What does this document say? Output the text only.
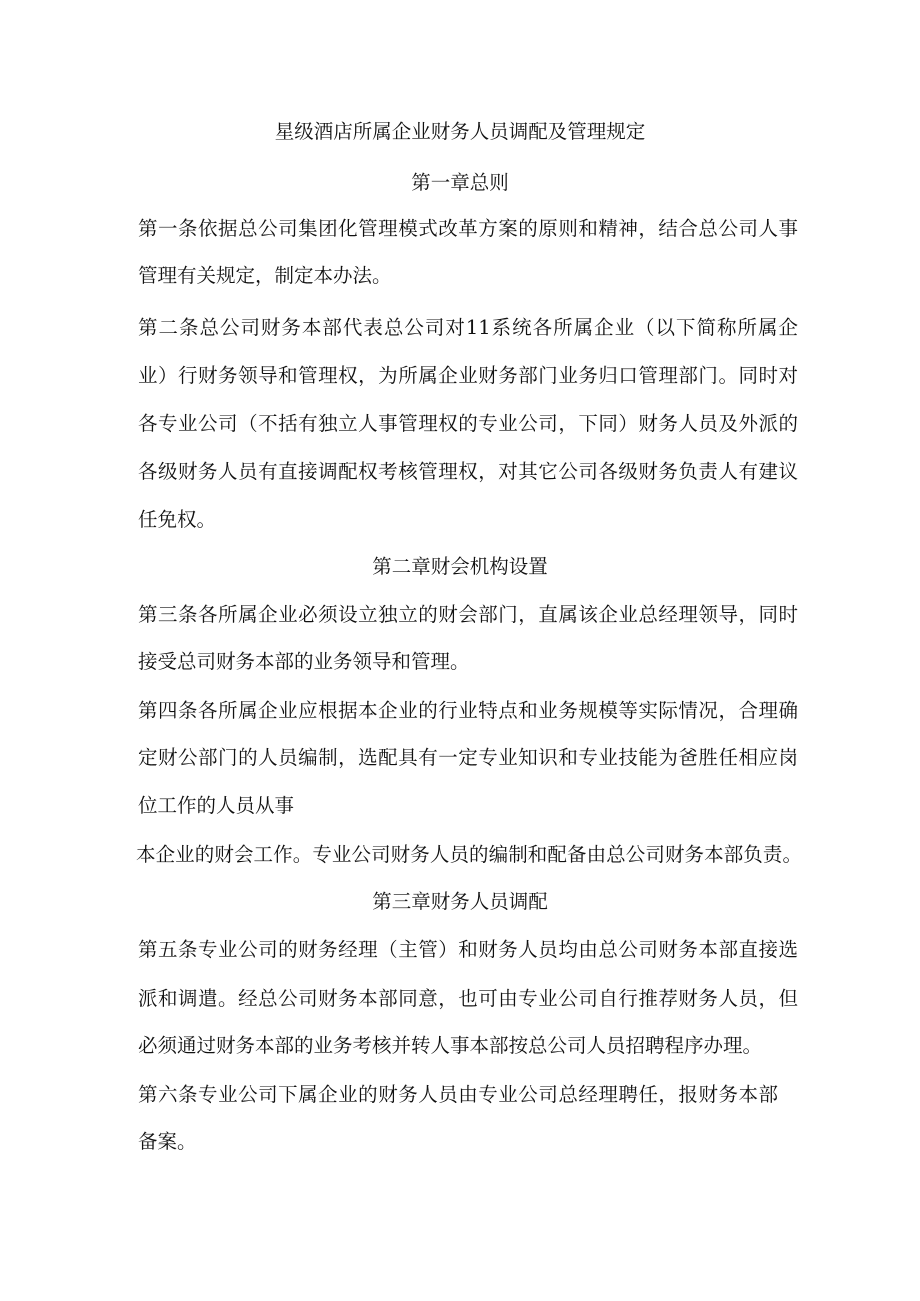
星级酒店所属企业财务人员调配及管理规定
第一章总则
第一条依据总公司集团化管理模式改革方案的原则和精神，结合总公司人事
管理有关规定，制定本办法。
第二条总公司财务本部代表总公司对11系统各所属企业（以下简称所属企
业）行财务领导和管理权，为所属企业财务部门业务归口管理部门。同时对
各专业公司（不括有独立人事管理权的专业公司，下同）财务人员及外派的
各级财务人员有直接调配权考核管理权，对其它公司各级财务负责人有建议
任免权。
第二章财会机构设置
第三条各所属企业必须设立独立的财会部门，直属该企业总经理领导，同时
接受总司财务本部的业务领导和管理。
第四条各所属企业应根据本企业的行业特点和业务规模等实际情况，合理确
定财公部门的人员编制，选配具有一定专业知识和专业技能为爸胜任相应岗
位工作的人员从事
本企业的财会工作。专业公司财务人员的编制和配备由总公司财务本部负责。
第三章财务人员调配
第五条专业公司的财务经理（主管）和财务人员均由总公司财务本部直接选
派和调遣。经总公司财务本部同意，也可由专业公司自行推荐财务人员，但
必须通过财务本部的业务考核并转人事本部按总公司人员招聘程序办理。
第六条专业公司下属企业的财务人员由专业公司总经理聘任，报财务本部
备案。
